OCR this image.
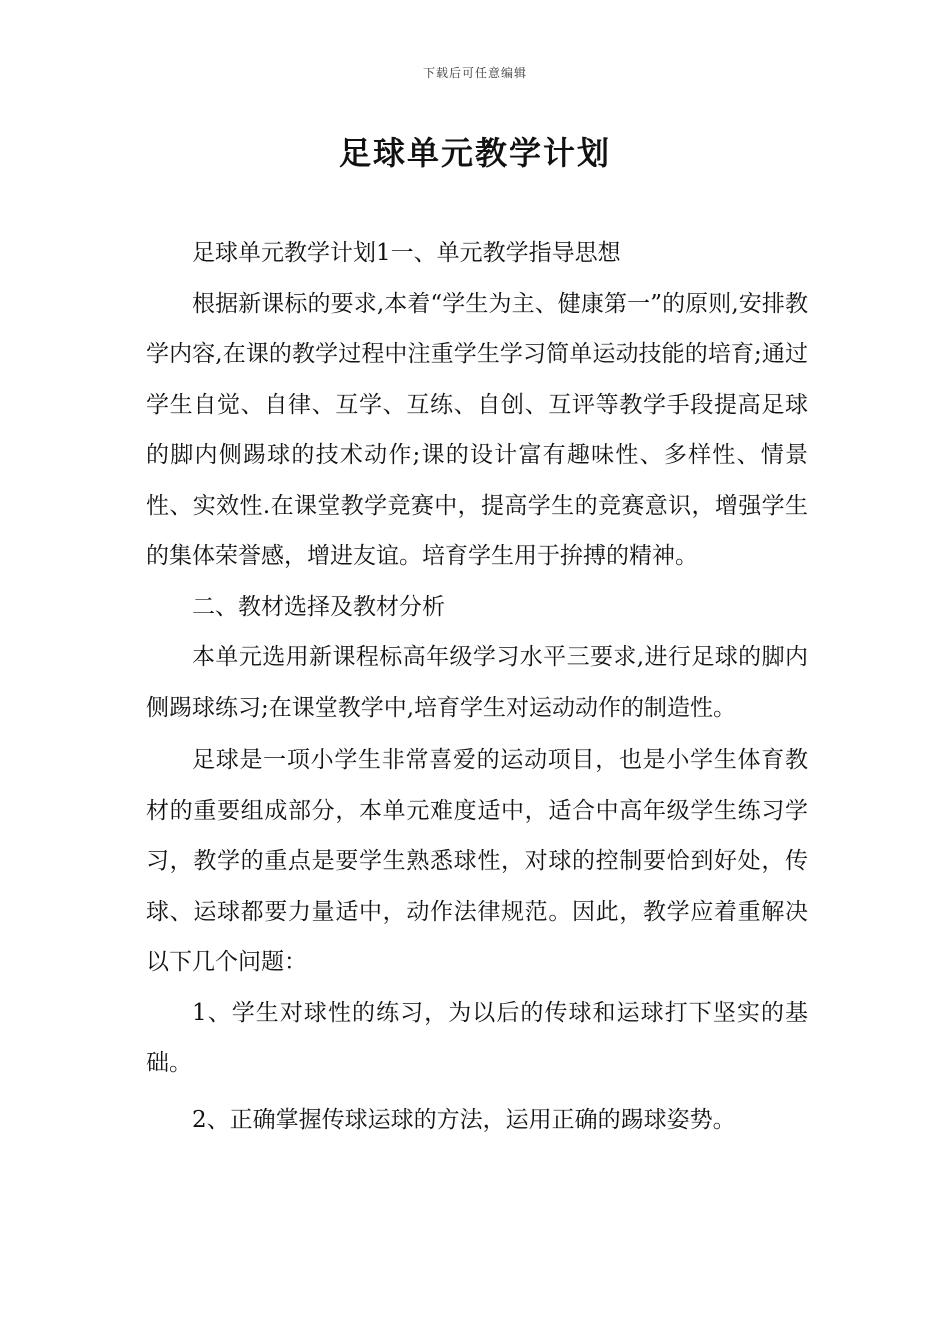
下载后可任意编辑
足球单元教学计划

足球单元教学计划1一、单元教学指导思想

根据新课标的要求,本着“学生为主、健康第一”的原则,安排教学内容,在课的教学过程中注重学生学习简单运动技能的培育;通过学生自觉、自律、互学、互练、自创、互评等教学手段提高足球的脚内侧踢球的技术动作;课的设计富有趣味性、多样性、情景性、实效性.在课堂教学竞赛中，提高学生的竞赛意识，增强学生的集体荣誉感，增进友谊。培育学生用于拚搏的精神。

二、教材选择及教材分析

本单元选用新课程标高年级学习水平三要求,进行足球的脚内侧踢球练习;在课堂教学中,培育学生对运动动作的制造性。

足球是一项小学生非常喜爱的运动项目，也是小学生体育教材的重要组成部分，本单元难度适中，适合中高年级学生练习学习，教学的重点是要学生熟悉球性，对球的控制要恰到好处，传球、运球都要力量适中，动作法律规范。因此，教学应着重解决以下几个问题：

1、学生对球性的练习，为以后的传球和运球打下坚实的基础。

2、正确掌握传球运球的方法，运用正确的踢球姿势。
